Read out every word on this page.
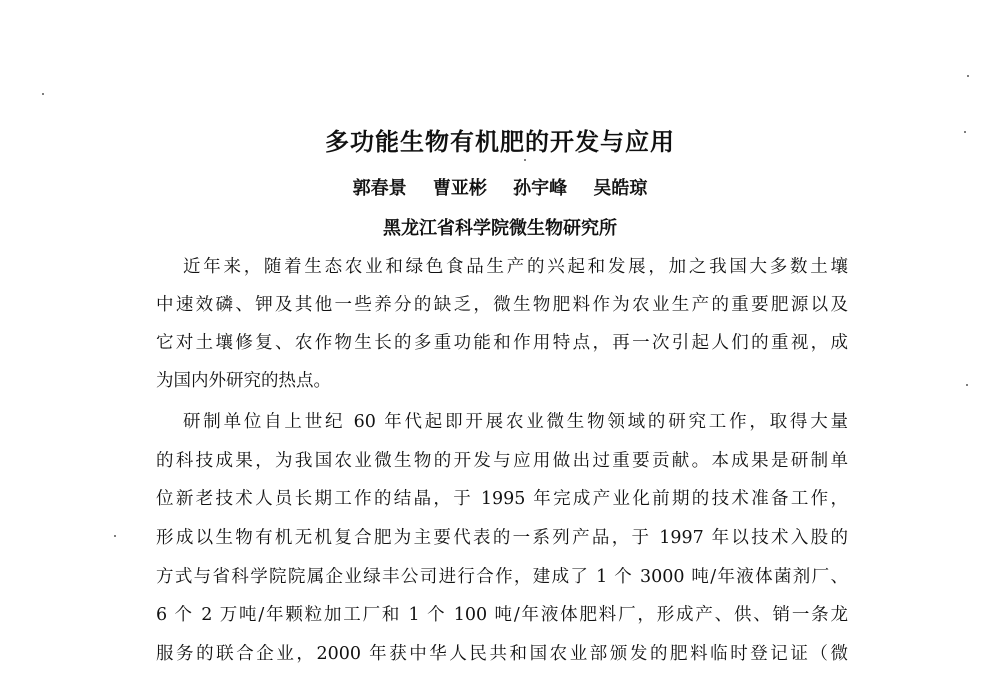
多功能生物有机肥的开发与应用
郭春景 曹亚彬 孙宇峰 吴皓琼
黑龙江省科学院微生物研究所
近年来，随着生态农业和绿色食品生产的兴起和发展，加之我国大多数土壤
中速效磷、钾及其他一些养分的缺乏，微生物肥料作为农业生产的重要肥源以及
它对土壤修复、农作物生长的多重功能和作用特点，再一次引起人们的重视，成
为国内外研究的热点。
研制单位自上世纪 60 年代起即开展农业微生物领域的研究工作，取得大量
的科技成果，为我国农业微生物的开发与应用做出过重要贡献。本成果是研制单
位新老技术人员长期工作的结晶，于 1995 年完成产业化前期的技术准备工作，
形成以生物有机无机复合肥为主要代表的一系列产品，于 1997 年以技术入股的
方式与省科学院院属企业绿丰公司进行合作，建成了 1 个 3000 吨/年液体菌剂厂、
6 个 2 万吨/年颗粒加工厂和 1 个 100 吨/年液体肥料厂，形成产、供、销一条龙
服务的联合企业，2000 年获中华人民共和国农业部颁发的肥料临时登记证（微
